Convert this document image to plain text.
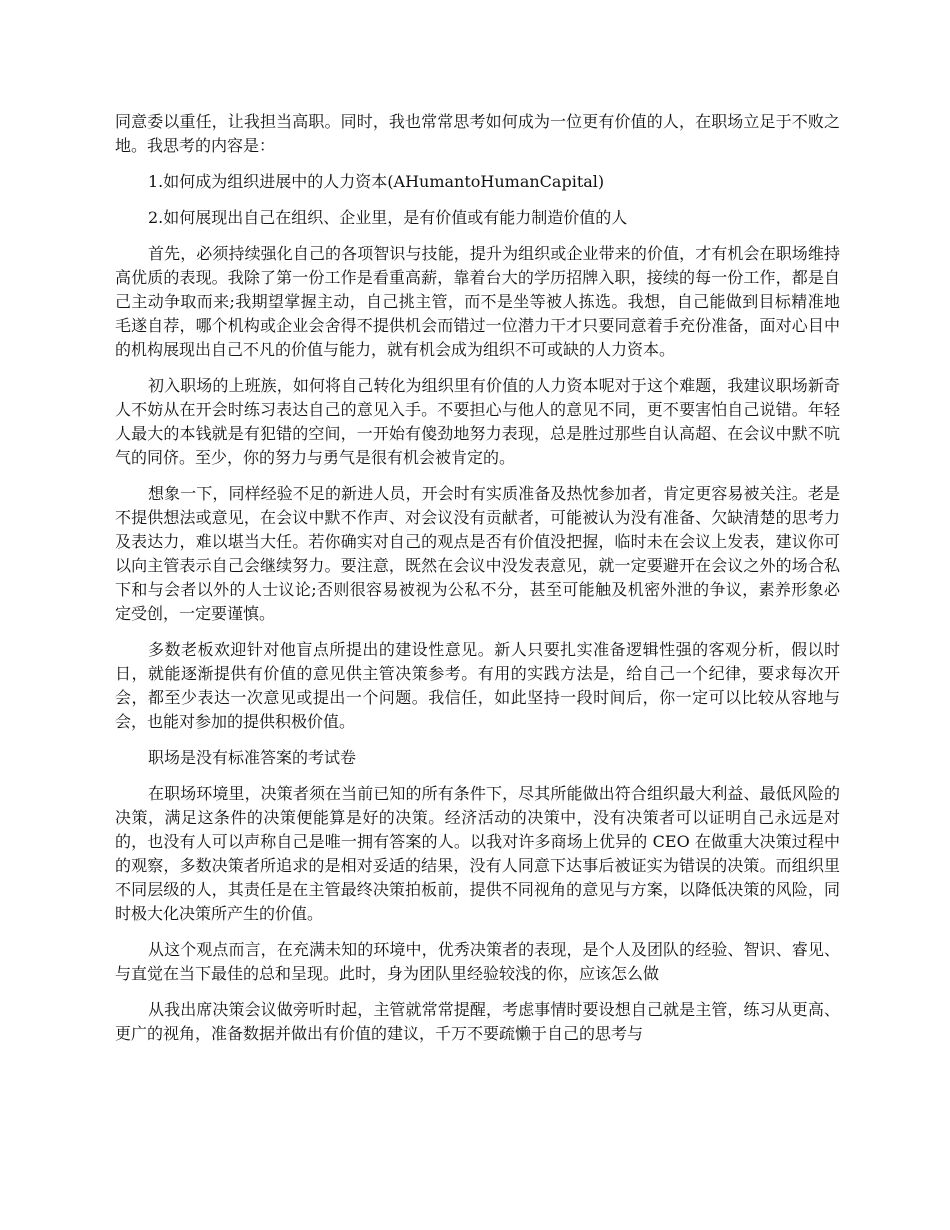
同意委以重任，让我担当高职。同时，我也常常思考如何成为一位更有价值的人，在职场立足于不败之地。我思考的内容是：

1.如何成为组织进展中的人力资本(AHumantoHumanCapital)

2.如何展现出自己在组织、企业里，是有价值或有能力制造价值的人

首先，必须持续强化自己的各项智识与技能，提升为组织或企业带来的价值，才有机会在职场维持高优质的表现。我除了第一份工作是看重高薪，靠着台大的学历招牌入职，接续的每一份工作，都是自己主动争取而来;我期望掌握主动，自己挑主管，而不是坐等被人拣选。我想，自己能做到目标精准地毛遂自荐，哪个机构或企业会舍得不提供机会而错过一位潜力干才只要同意着手充份准备，面对心目中的机构展现出自己不凡的价值与能力，就有机会成为组织不可或缺的人力资本。

初入职场的上班族，如何将自己转化为组织里有价值的人力资本呢对于这个难题，我建议职场新奇人不妨从在开会时练习表达自己的意见入手。不要担心与他人的意见不同，更不要害怕自己说错。年轻人最大的本钱就是有犯错的空间，一开始有傻劲地努力表现，总是胜过那些自认高超、在会议中默不吭气的同侪。至少，你的努力与勇气是很有机会被肯定的。

想象一下，同样经验不足的新进人员，开会时有实质准备及热忱参加者，肯定更容易被关注。老是不提供想法或意见，在会议中默不作声、对会议没有贡献者，可能被认为没有准备、欠缺清楚的思考力及表达力，难以堪当大任。若你确实对自己的观点是否有价值没把握，临时未在会议上发表，建议你可以向主管表示自己会继续努力。要注意，既然在会议中没发表意见，就一定要避开在会议之外的场合私下和与会者以外的人士议论;否则很容易被视为公私不分，甚至可能触及机密外泄的争议，素养形象必定受创，一定要谨慎。

多数老板欢迎针对他盲点所提出的建设性意见。新人只要扎实准备逻辑性强的客观分析，假以时日，就能逐渐提供有价值的意见供主管决策参考。有用的实践方法是，给自己一个纪律，要求每次开会，都至少表达一次意见或提出一个问题。我信任，如此坚持一段时间后，你一定可以比较从容地与会，也能对参加的提供积极价值。

职场是没有标准答案的考试卷

在职场环境里，决策者须在当前已知的所有条件下，尽其所能做出符合组织最大利益、最低风险的决策，满足这条件的决策便能算是好的决策。经济活动的决策中，没有决策者可以证明自己永远是对的，也没有人可以声称自己是唯一拥有答案的人。以我对许多商场上优异的 CEO 在做重大决策过程中的观察，多数决策者所追求的是相对妥适的结果，没有人同意下达事后被证实为错误的决策。而组织里不同层级的人，其责任是在主管最终决策拍板前，提供不同视角的意见与方案，以降低决策的风险，同时极大化决策所产生的价值。

从这个观点而言，在充满未知的环境中，优秀决策者的表现，是个人及团队的经验、智识、睿见、与直觉在当下最佳的总和呈现。此时，身为团队里经验较浅的你，应该怎么做

从我出席决策会议做旁听时起，主管就常常提醒，考虑事情时要设想自己就是主管，练习从更高、更广的视角，准备数据并做出有价值的建议，千万不要疏懒于自己的思考与
